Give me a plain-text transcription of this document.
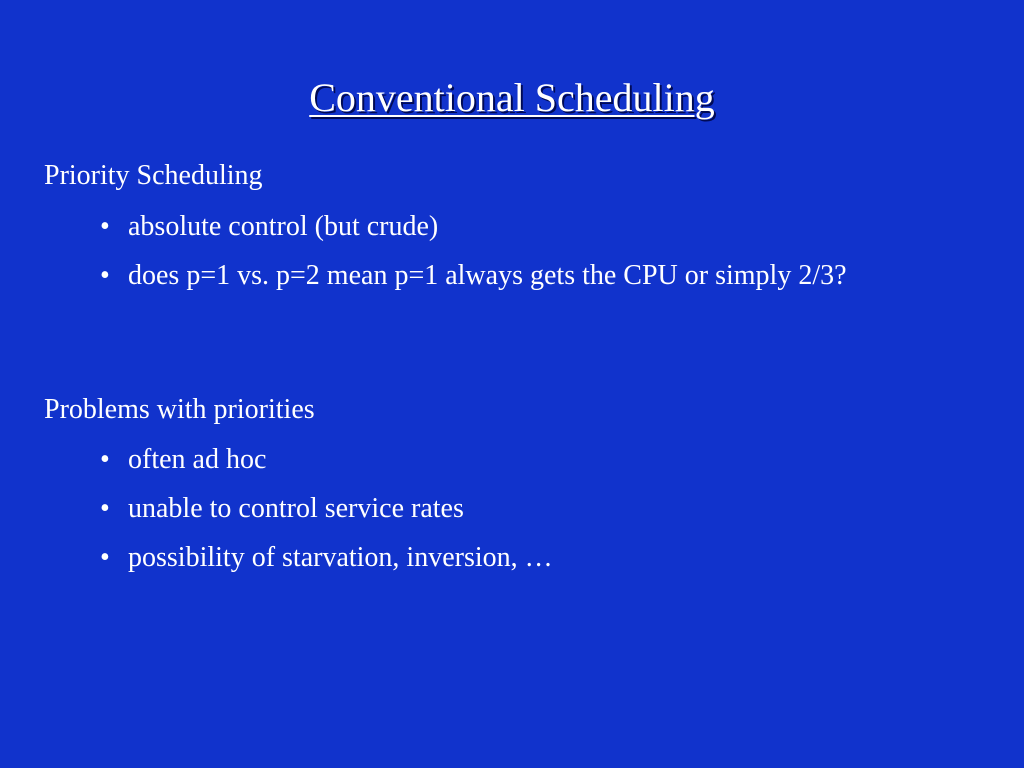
Conventional Scheduling
Priority Scheduling
• absolute control (but crude)
• does p=1 vs. p=2 mean p=1 always gets the CPU or simply 2/3?
Problems with priorities
• often ad hoc
• unable to control service rates
• possibility of starvation, inversion, …
